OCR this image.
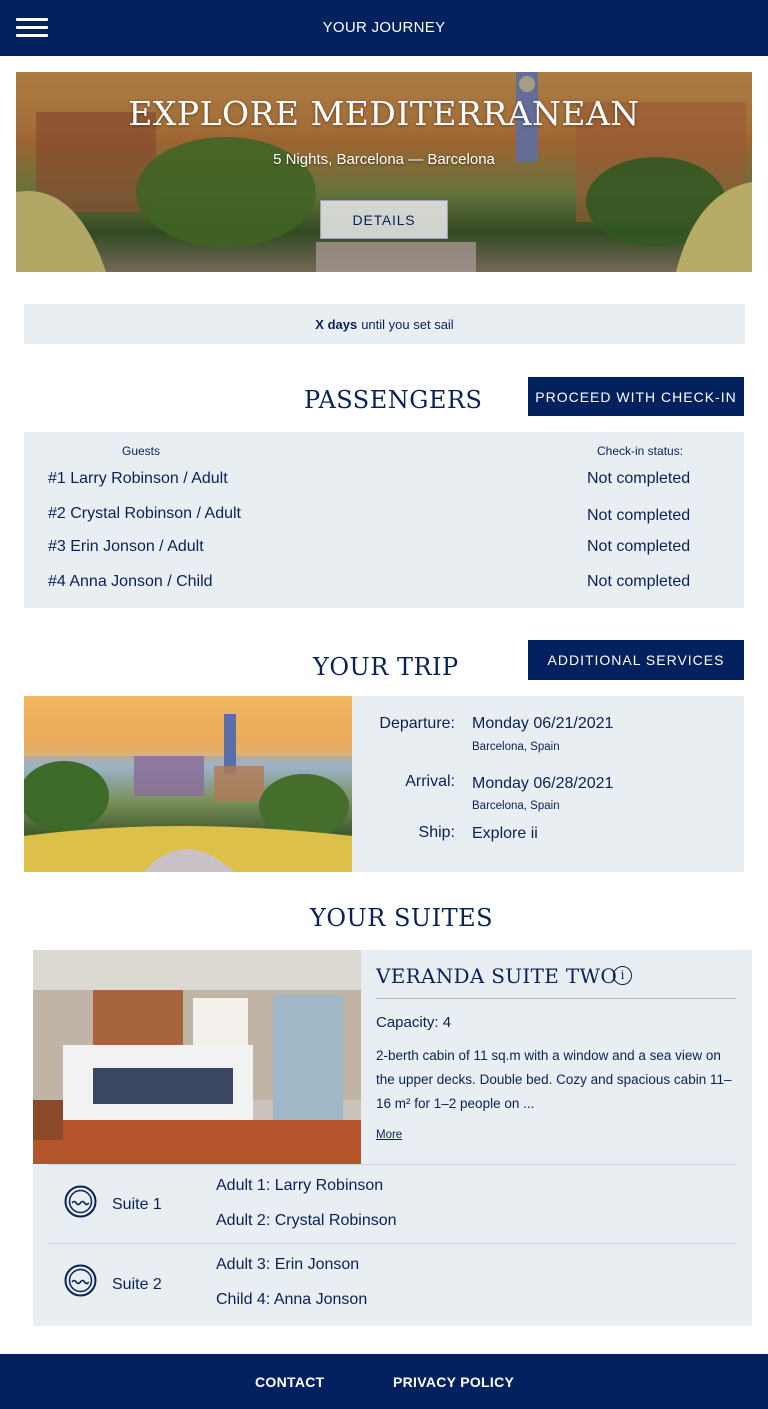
YOUR JOURNEY
EXPLORE MEDITERRANEAN
5 Nights, Barcelona — Barcelona
DETAILS
X days until you set sail
PASSENGERS	PROCEED WITH CHECK-IN
Guests	Check-in status:
#1 Larry Robinson / Adult	Not completed
#2 Crystal Robinson / Adult	Not completed
#3 Erin Jonson / Adult	Not completed
#4 Anna Jonson / Child	Not completed
YOUR TRIP	ADDITIONAL SERVICES
Departure: Monday 06/21/2021
Barcelona, Spain
Arrival: Monday 06/28/2021
Barcelona, Spain
Ship: Explore ii
YOUR SUITES
VERANDA SUITE TWO i
Capacity: 4
2-berth cabin of 11 sq.m with a window and a sea view on the upper decks. Double bed. Cozy and spacious cabin 11–16 m² for 1–2 people on ...
More
Suite 1
Adult 1: Larry Robinson
Adult 2: Crystal Robinson
Suite 2
Adult 3: Erin Jonson
Child 4: Anna Jonson
CONTACT	PRIVACY POLICY
